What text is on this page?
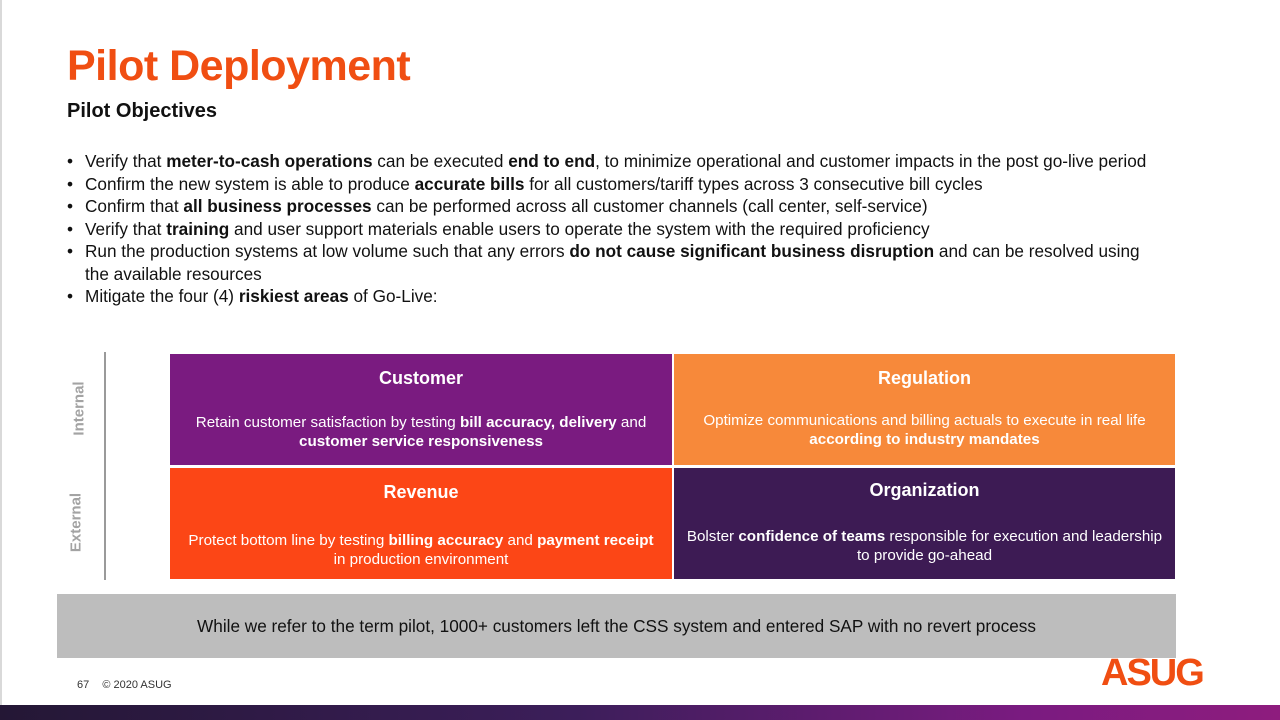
Pilot Deployment
Pilot Objectives
• Verify that meter-to-cash operations can be executed end to end, to minimize operational and customer impacts in the post go-live period
• Confirm the new system is able to produce accurate bills for all customers/tariff types across 3 consecutive bill cycles
• Confirm that all business processes can be performed across all customer channels (call center, self-service)
• Verify that training and user support materials enable users to operate the system with the required proficiency
• Run the production systems at low volume such that any errors do not cause significant business disruption and can be resolved using the available resources
• Mitigate the four (4) riskiest areas of Go-Live:
Internal
External
Customer
Retain customer satisfaction by testing bill accuracy, delivery and customer service responsiveness
Regulation
Optimize communications and billing actuals to execute in real life according to industry mandates
Revenue
Protect bottom line by testing billing accuracy and payment receipt in production environment
Organization
Bolster confidence of teams responsible for execution and leadership to provide go-ahead
While we refer to the term pilot, 1000+ customers left the CSS system and entered SAP with no revert process
67 © 2020 ASUG	ASUG
